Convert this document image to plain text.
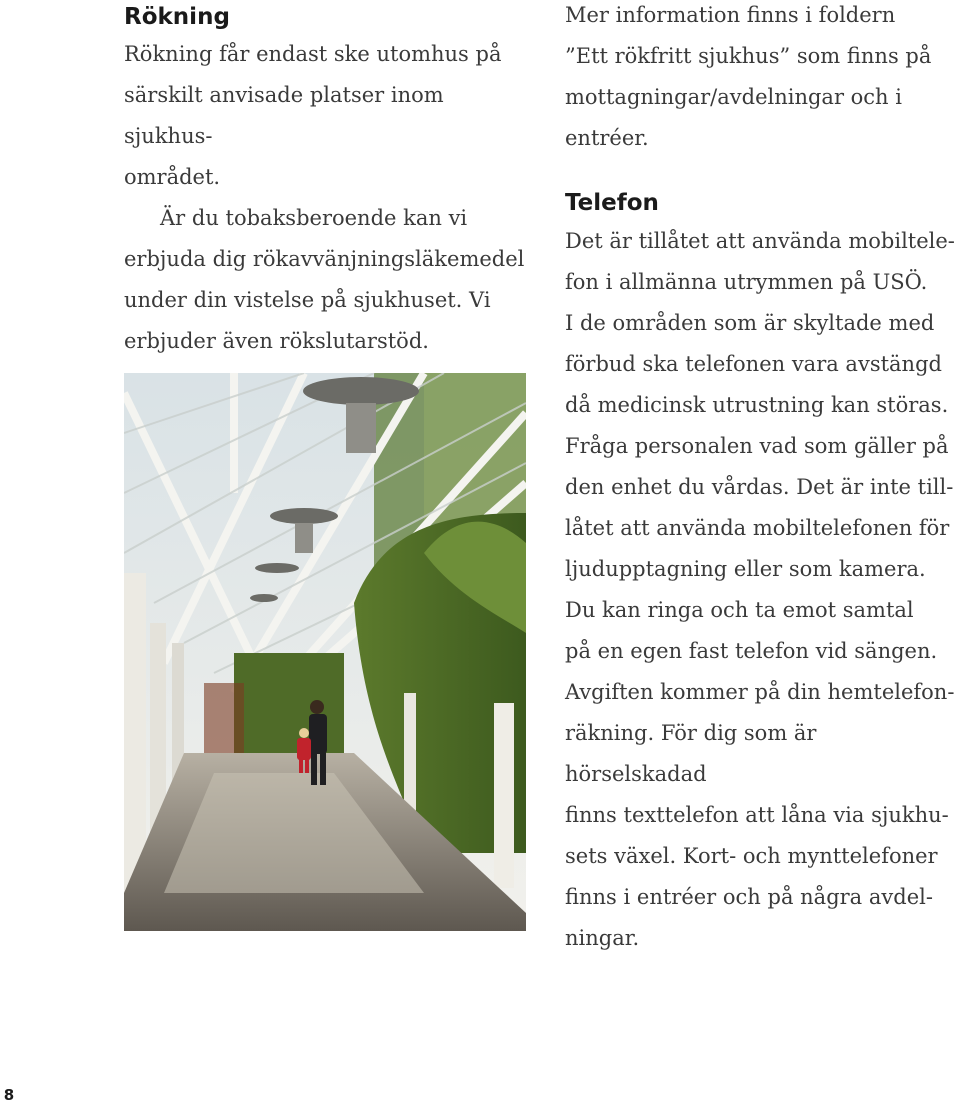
Rökning
Rökning får endast ske utomhus på
särskilt anvisade platser inom sjukhus-
området.
Är du tobaksberoende kan vi
erbjuda dig rökavvänjningsläkemedel
under din vistelse på sjukhuset. Vi
erbjuder även rökslutarstöd.
Mer information finns i foldern
”Ett rökfritt sjukhus” som finns på
mottagningar/avdelningar och i
entréer.
Telefon
Det är tillåtet att använda mobiltele-
fon i allmänna utrymmen på USÖ.
I de områden som är skyltade med
förbud ska telefonen vara avstängd
då medicinsk utrustning kan störas.
Fråga personalen vad som gäller på
den enhet du vårdas. Det är inte till-
låtet att använda mobiltelefonen för
ljudupptagning eller som kamera.
Du kan ringa och ta emot samtal
på en egen fast telefon vid sängen.
Avgiften kommer på din hemtelefon-
räkning. För dig som är hörselskadad
finns texttelefon att låna via sjukhu-
sets växel. Kort- och mynttelefoner
finns i entréer och på några avdel-
ningar.
8
